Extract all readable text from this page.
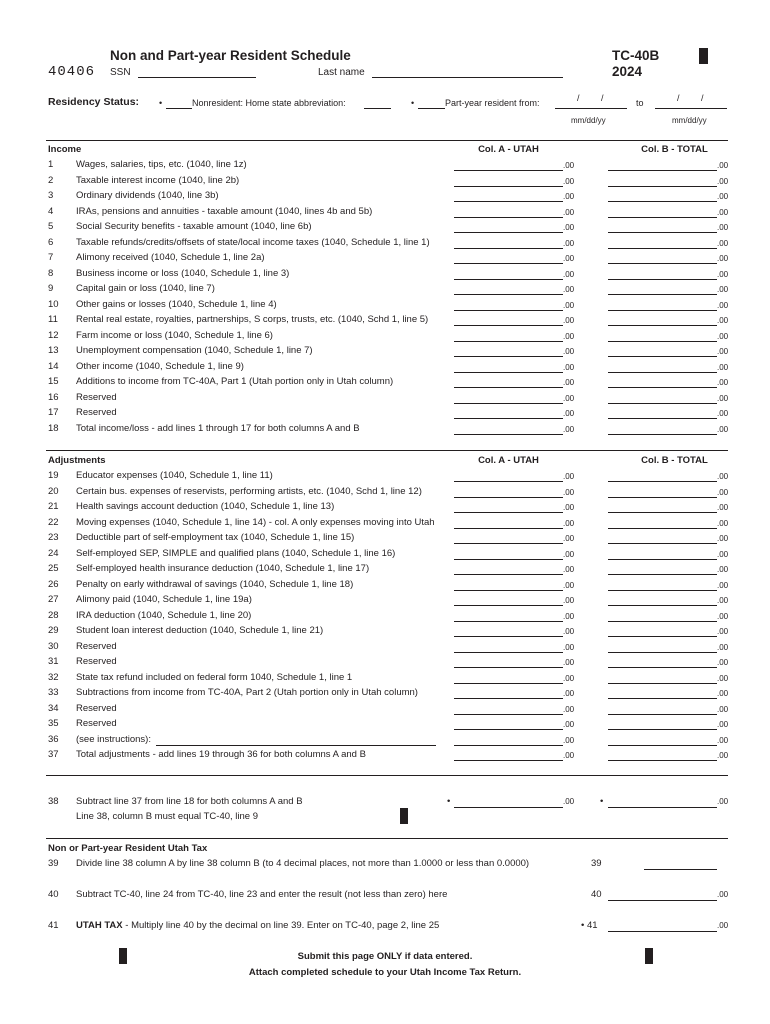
40406
Non and Part-year Resident Schedule
SSN	Last name
TC-40B
2024
Residency Status: •	Nonresident: Home state abbreviation:	•	Part-year resident from:	/ /	to	/ /
mm/dd/yy	mm/dd/yy
Income	Col. A - UTAH	Col. B - TOTAL
1	Wages, salaries, tips, etc. (1040, line 1z)	.00	.00
2	Taxable interest income (1040, line 2b)	.00	.00
3	Ordinary dividends (1040, line 3b)	.00	.00
4	IRAs, pensions and annuities - taxable amount (1040, lines 4b and 5b)	.00	.00
5	Social Security benefits - taxable amount (1040, line 6b)	.00	.00
6	Taxable refunds/credits/offsets of state/local income taxes (1040, Schedule 1, line 1)	.00	.00
7	Alimony received (1040, Schedule 1, line 2a)	.00	.00
8	Business income or loss (1040, Schedule 1, line 3)	.00	.00
9	Capital gain or loss (1040, line 7)	.00	.00
10	Other gains or losses (1040, Schedule 1, line 4)	.00	.00
11	Rental real estate, royalties, partnerships, S corps, trusts, etc. (1040, Schd 1, line 5)	.00	.00
12	Farm income or loss (1040, Schedule 1, line 6)	.00	.00
13	Unemployment compensation (1040, Schedule 1, line 7)	.00	.00
14	Other income (1040, Schedule 1, line 9)	.00	.00
15	Additions to income from TC-40A, Part 1 (Utah portion only in Utah column)	.00	.00
16	Reserved	.00	.00
17	Reserved	.00	.00
18	Total income/loss - add lines 1 through 17 for both columns A and B	.00	.00
Adjustments	Col. A - UTAH	Col. B - TOTAL
19	Educator expenses (1040, Schedule 1, line 11)	.00	.00
20	Certain bus. expenses of reservists, performing artists, etc. (1040, Schd 1, line 12)	.00	.00
21	Health savings account deduction (1040, Schedule 1, line 13)	.00	.00
22	Moving expenses (1040, Schedule 1, line 14) - col. A only expenses moving into Utah	.00	.00
23	Deductible part of self-employment tax (1040, Schedule 1, line 15)	.00	.00
24	Self-employed SEP, SIMPLE and qualified plans (1040, Schedule 1, line 16)	.00	.00
25	Self-employed health insurance deduction (1040, Schedule 1, line 17)	.00	.00
26	Penalty on early withdrawal of savings (1040, Schedule 1, line 18)	.00	.00
27	Alimony paid (1040, Schedule 1, line 19a)	.00	.00
28	IRA deduction (1040, Schedule 1, line 20)	.00	.00
29	Student loan interest deduction (1040, Schedule 1, line 21)	.00	.00
30	Reserved	.00	.00
31	Reserved	.00	.00
32	State tax refund included on federal form 1040, Schedule 1, line 1	.00	.00
33	Subtractions from income from TC-40A, Part 2 (Utah portion only in Utah column)	.00	.00
34	Reserved	.00	.00
35	Reserved	.00	.00
36	(see instructions):	.00	.00
37	Total adjustments - add lines 19 through 36 for both columns A and B	.00	.00
38 Subtract line 37 from line 18 for both columns A and B
Line 38, column B must equal TC-40, line 9
•	.00	•	.00
Non or Part-year Resident Utah Tax
39 Divide line 38 column A by line 38 column B (to 4 decimal places, not more than 1.0000 or less than 0.0000)	39
40 Subtract TC-40, line 24 from TC-40, line 23 and enter the result (not less than zero) here	40	.00
41 UTAH TAX - Multiply line 40 by the decimal on line 39. Enter on TC-40, page 2, line 25	• 41	.00
Submit this page ONLY if data entered.
Attach completed schedule to your Utah Income Tax Return.
